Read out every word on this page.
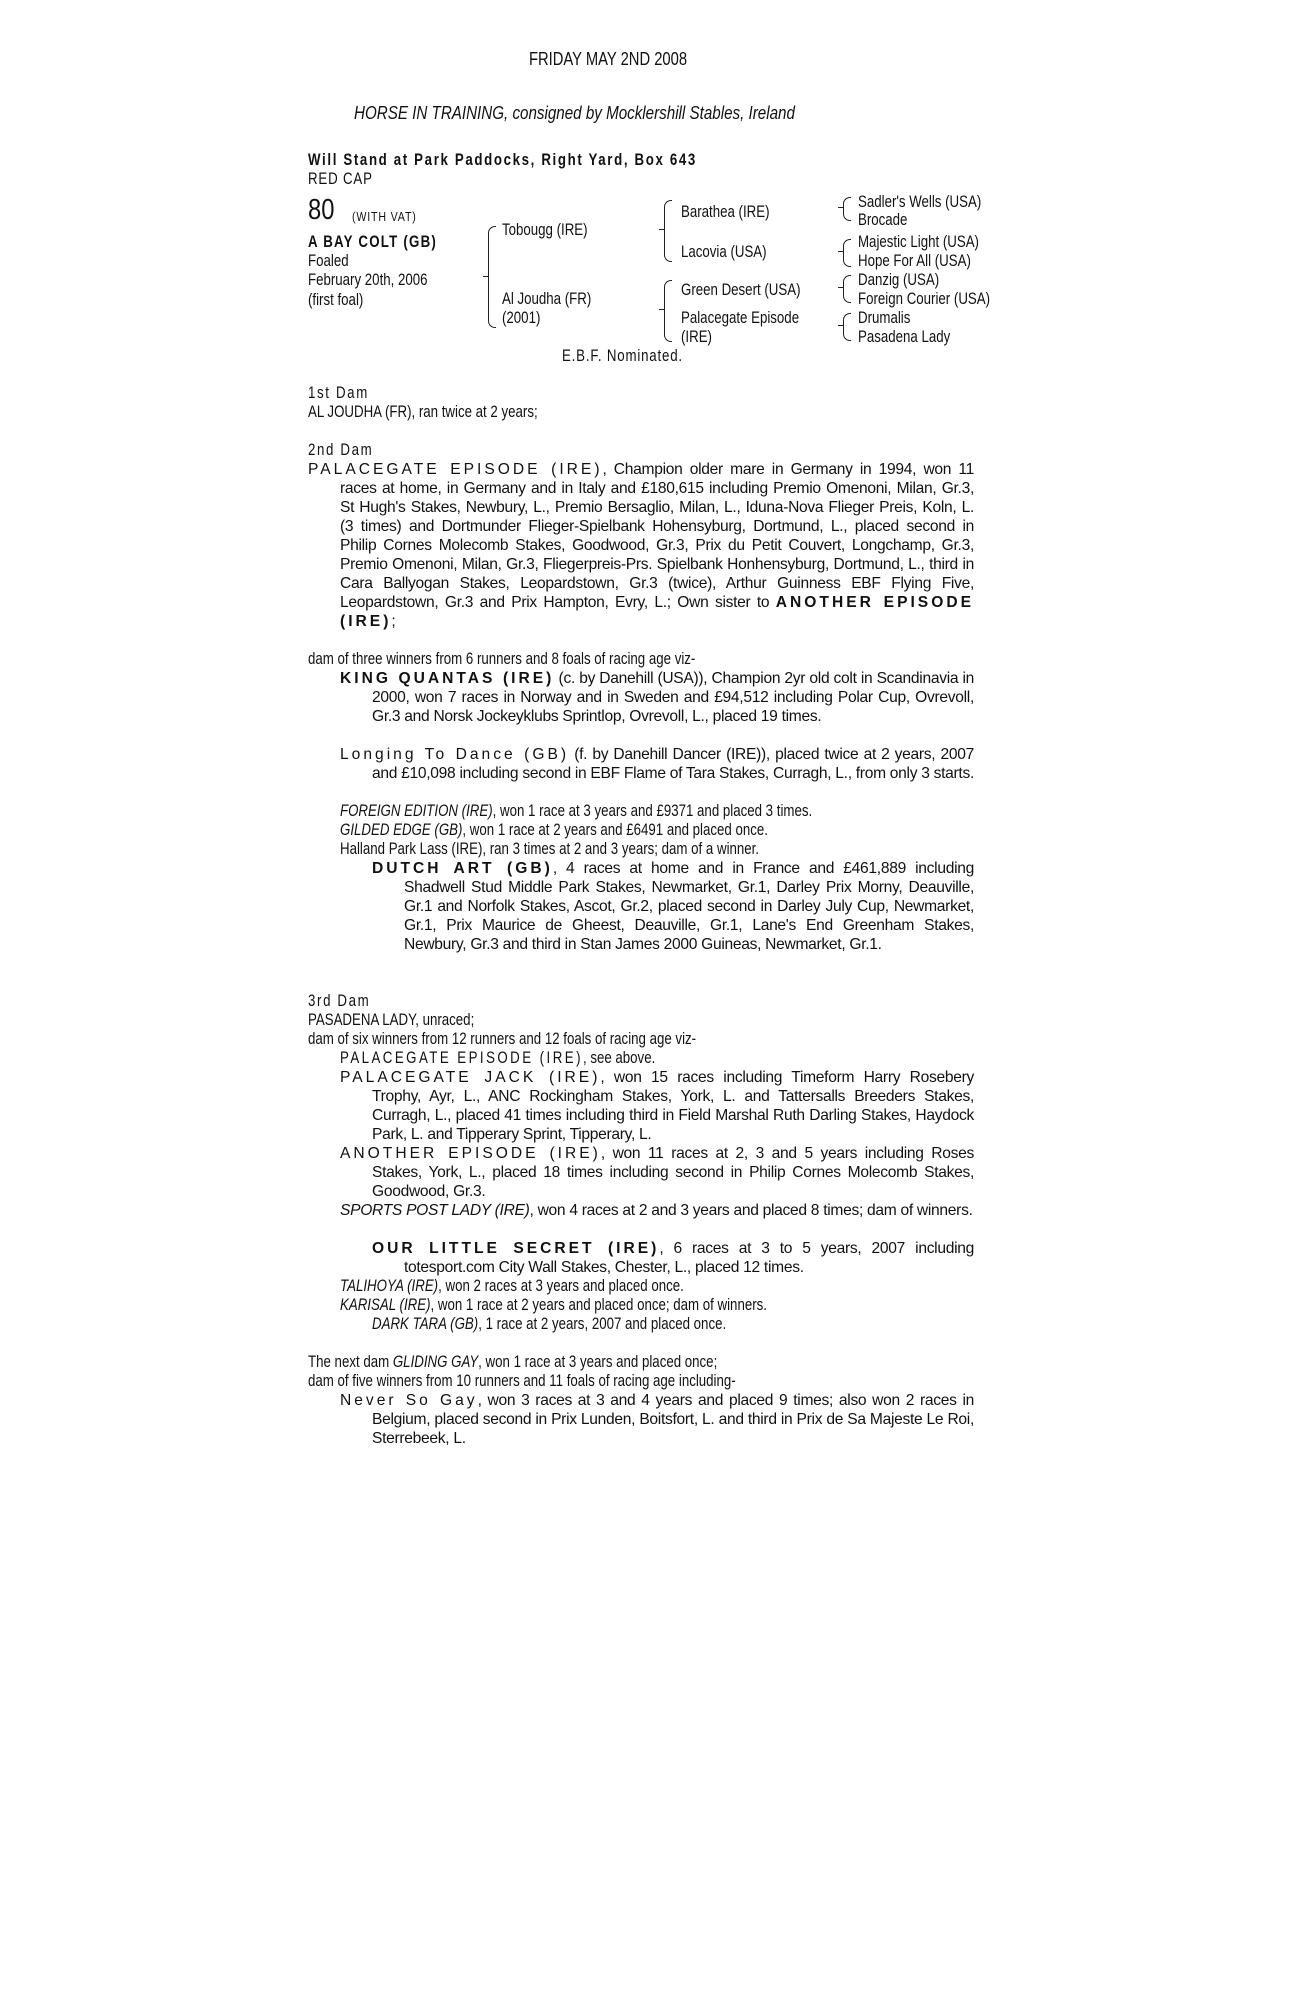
FRIDAY MAY 2ND 2008
HORSE IN TRAINING, consigned by Mocklershill Stables, Ireland
Will Stand at Park Paddocks, Right Yard, Box 643
RED CAP
80 (WITH VAT)
A BAY COLT (GB)
Foaled
February 20th, 2006
(first foal)
Tobougg (IRE)
Al Joudha (FR)
(2001)
Barathea (IRE)
Lacovia (USA)
Green Desert (USA)
Palacegate Episode
(IRE)
Sadler's Wells (USA)
Brocade
Majestic Light (USA)
Hope For All (USA)
Danzig (USA)
Foreign Courier (USA)
Drumalis
Pasadena Lady
E.B.F. Nominated.
1st Dam
AL JOUDHA (FR), ran twice at 2 years;
2nd Dam
PALACEGATE EPISODE (IRE), Champion older mare in Germany in 1994, won 11 races at home, in Germany and in Italy and £180,615 including Premio Omenoni, Milan, Gr.3, St Hugh's Stakes, Newbury, L., Premio Bersaglio, Milan, L., Iduna-Nova Flieger Preis, Koln, L. (3 times) and Dortmunder Flieger-Spielbank Hohensyburg, Dortmund, L., placed second in Philip Cornes Molecomb Stakes, Goodwood, Gr.3, Prix du Petit Couvert, Longchamp, Gr.3, Premio Omenoni, Milan, Gr.3, Fliegerpreis-Prs. Spielbank Honhensyburg, Dortmund, L., third in Cara Ballyogan Stakes, Leopardstown, Gr.3 (twice), Arthur Guinness EBF Flying Five, Leopardstown, Gr.3 and Prix Hampton, Evry, L.; Own sister to ANOTHER EPISODE (IRE);
dam of three winners from 6 runners and 8 foals of racing age viz-
KING QUANTAS (IRE) (c. by Danehill (USA)), Champion 2yr old colt in Scandinavia in 2000, won 7 races in Norway and in Sweden and £94,512 including Polar Cup, Ovrevoll, Gr.3 and Norsk Jockeyklubs Sprintlop, Ovrevoll, L., placed 19 times.
Longing To Dance (GB) (f. by Danehill Dancer (IRE)), placed twice at 2 years, 2007 and £10,098 including second in EBF Flame of Tara Stakes, Curragh, L., from only 3 starts.
FOREIGN EDITION (IRE), won 1 race at 3 years and £9371 and placed 3 times.
GILDED EDGE (GB), won 1 race at 2 years and £6491 and placed once.
Halland Park Lass (IRE), ran 3 times at 2 and 3 years; dam of a winner.
DUTCH ART (GB), 4 races at home and in France and £461,889 including Shadwell Stud Middle Park Stakes, Newmarket, Gr.1, Darley Prix Morny, Deauville, Gr.1 and Norfolk Stakes, Ascot, Gr.2, placed second in Darley July Cup, Newmarket, Gr.1, Prix Maurice de Gheest, Deauville, Gr.1, Lane's End Greenham Stakes, Newbury, Gr.3 and third in Stan James 2000 Guineas, Newmarket, Gr.1.
3rd Dam
PASADENA LADY, unraced;
dam of six winners from 12 runners and 12 foals of racing age viz-
PALACEGATE EPISODE (IRE), see above.
PALACEGATE JACK (IRE), won 15 races including Timeform Harry Rosebery Trophy, Ayr, L., ANC Rockingham Stakes, York, L. and Tattersalls Breeders Stakes, Curragh, L., placed 41 times including third in Field Marshal Ruth Darling Stakes, Haydock Park, L. and Tipperary Sprint, Tipperary, L.
ANOTHER EPISODE (IRE), won 11 races at 2, 3 and 5 years including Roses Stakes, York, L., placed 18 times including second in Philip Cornes Molecomb Stakes, Goodwood, Gr.3.
SPORTS POST LADY (IRE), won 4 races at 2 and 3 years and placed 8 times; dam of winners.
OUR LITTLE SECRET (IRE), 6 races at 3 to 5 years, 2007 including totesport.com City Wall Stakes, Chester, L., placed 12 times.
TALIHOYA (IRE), won 2 races at 3 years and placed once.
KARISAL (IRE), won 1 race at 2 years and placed once; dam of winners.
DARK TARA (GB), 1 race at 2 years, 2007 and placed once.
The next dam GLIDING GAY, won 1 race at 3 years and placed once;
dam of five winners from 10 runners and 11 foals of racing age including-
Never So Gay, won 3 races at 3 and 4 years and placed 9 times; also won 2 races in Belgium, placed second in Prix Lunden, Boitsfort, L. and third in Prix de Sa Majeste Le Roi, Sterrebeek, L.
